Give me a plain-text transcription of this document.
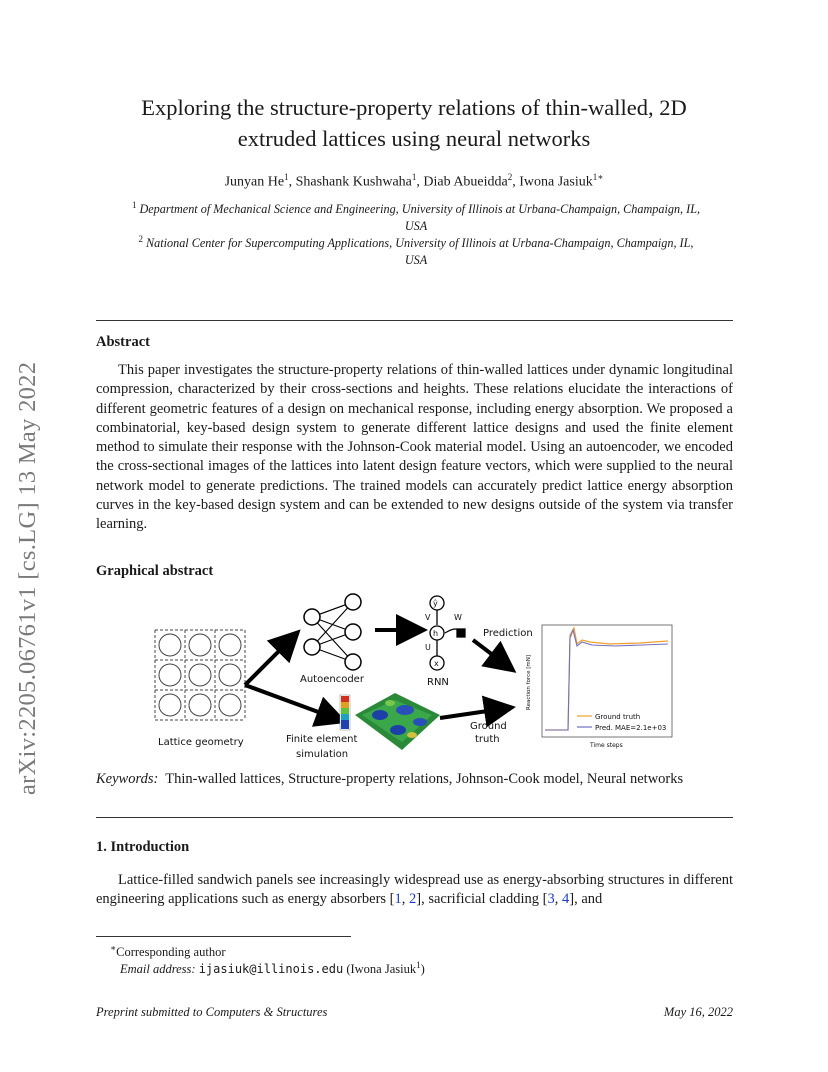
arXiv:2205.06761v1 [cs.LG] 13 May 2022
Exploring the structure-property relations of thin-walled, 2D
extruded lattices using neural networks
Junyan He$^1$, Shashank Kushwaha$^1$, Diab Abueidda$^2$, Iwona Jasiuk$^{1∗}$
$^1$ Department of Mechanical Science and Engineering, University of Illinois at Urbana-Champaign, Champaign, IL,
USA
$^2$ National Center for Supercomputing Applications, University of Illinois at Urbana-Champaign, Champaign, IL,
USA
Abstract
This paper investigates the structure-property relations of thin-walled lattices under dynamic longitudinal compression, characterized by their cross-sections and heights. These relations elucidate the interactions of different geometric features of a design on mechanical response, including energy absorption. We proposed a combinatorial, key-based design system to generate different lattice designs and used the finite element method to simulate their response with the Johnson-Cook material model. Using an autoencoder, we encoded the cross-sectional images of the lattices into latent design feature vectors, which were supplied to the neural network model to generate predictions. The trained models can accurately predict lattice energy absorption curves in the key-based design system and can be extended to new designs outside of the system via transfer learning.
Graphical abstract
Lattice geometry
Autoencoder
ŷ
h
x
V	W
U
RNN
Prediction
Finite element
simulation
Ground
truth
Reaction force [mN]
Time steps
Ground truth
Pred. MAE=2.1e+03
Keywords: Thin-walled lattices, Structure-property relations, Johnson-Cook model, Neural networks
1. Introduction
Lattice-filled sandwich panels see increasingly widespread use as energy-absorbing structures in different engineering applications such as energy absorbers [1, 2], sacrificial cladding [3, 4], and
∗Corresponding author
Email address: ijasiuk@illinois.edu (Iwona Jasiuk$^1$)
Preprint submitted to Computers & Structures	May 16, 2022
